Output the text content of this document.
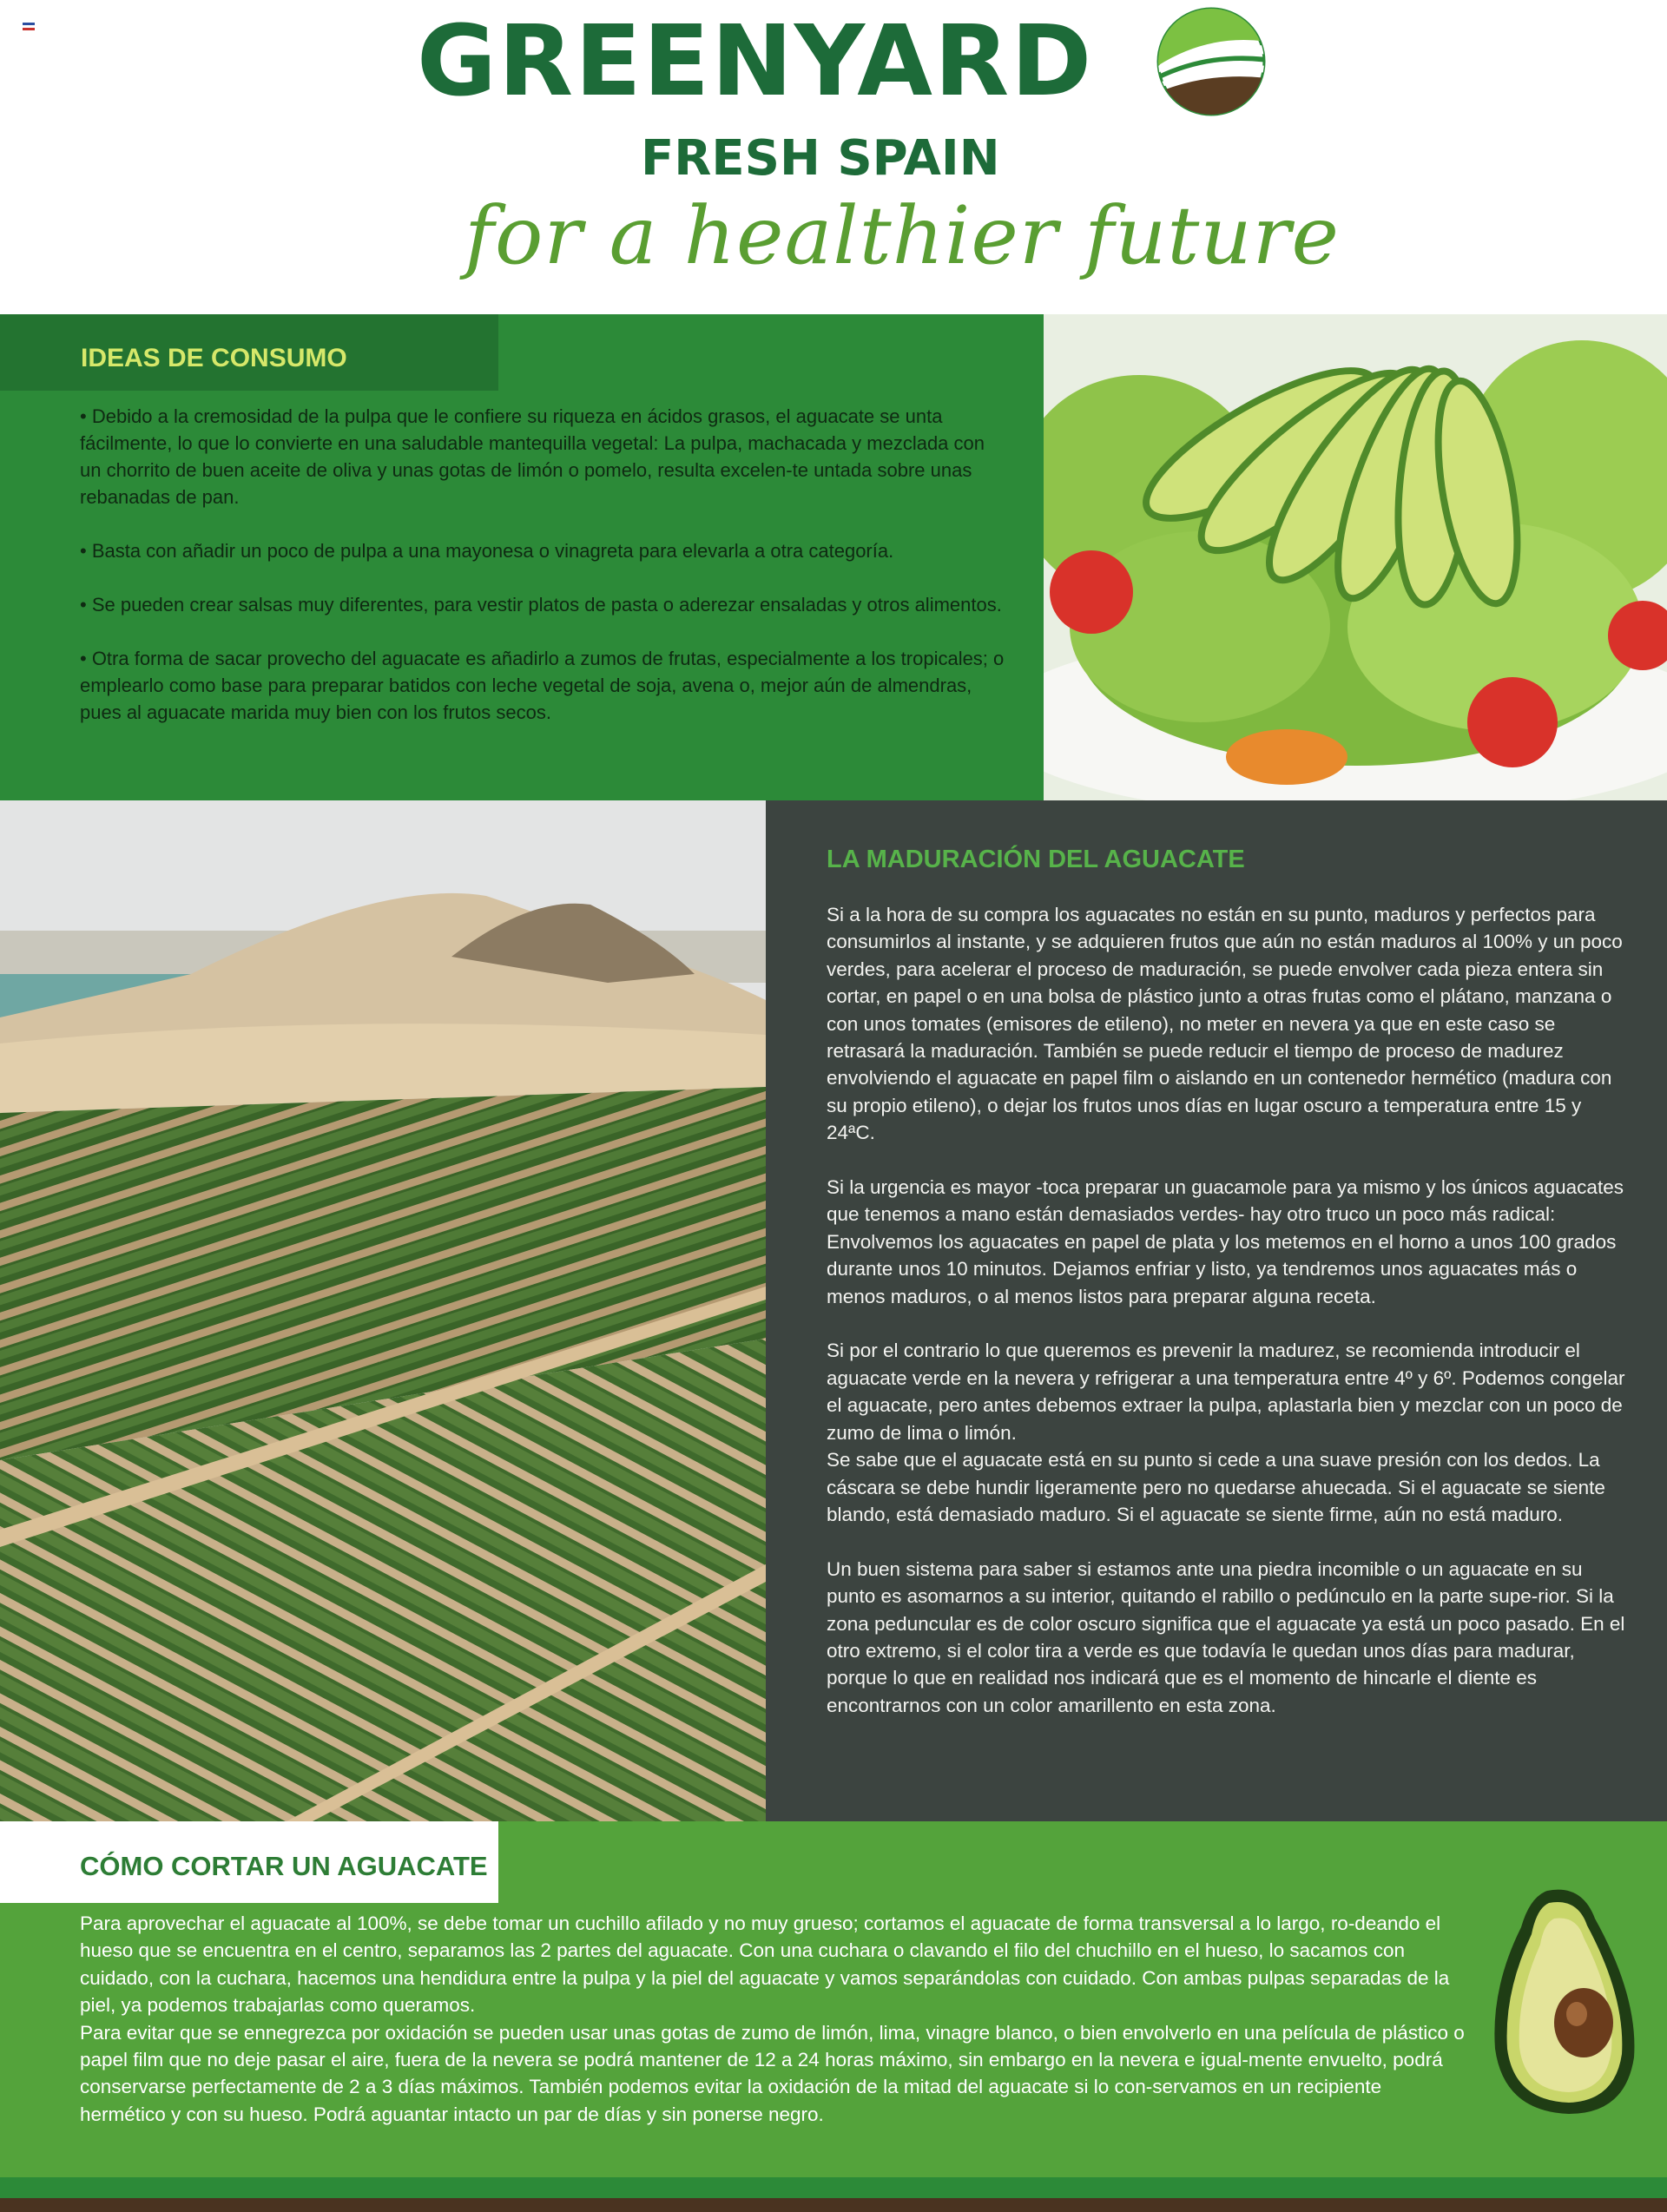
GREENYARD
FRESH SPAIN
for a healthier future
IDEAS DE CONSUMO

• Debido a la cremosidad de la pulpa que le confiere su riqueza en ácidos grasos, el aguacate se unta fácilmente, lo que lo convierte en una saludable mantequilla vegetal: La pulpa, machacada y mezclada con un chorrito de buen aceite de oliva y unas gotas de limón o pomelo, resulta excelen-te untada sobre unas rebanadas de pan.

• Basta con añadir un poco de pulpa a una mayonesa o vinagreta para elevarla a otra categoría.

• Se pueden crear salsas muy diferentes, para vestir platos de pasta o aderezar ensaladas y otros alimentos.

• Otra forma de sacar provecho del aguacate es añadirlo a zumos de frutas, especialmente a los tropicales; o emplearlo como base para preparar batidos con leche vegetal de soja, avena o, mejor aún de almendras, pues al aguacate marida muy bien con los frutos secos.

LA MADURACIÓN DEL AGUACATE

Si a la hora de su compra los aguacates no están en su punto, maduros y perfectos para consumirlos al instante, y se adquieren frutos que aún no están maduros al 100% y un poco verdes, para acelerar el proceso de maduración, se puede envolver cada pieza entera sin cortar, en papel o en una bolsa de plástico junto a otras frutas como el plátano, manzana o con unos tomates (emisores de etileno), no meter en nevera ya que en este caso se retrasará la maduración. También se puede reducir el tiempo de proceso de madurez envolviendo el aguacate en papel film o aislando en un contenedor hermético (madura con su propio etileno), o dejar los frutos unos días en lugar oscuro a temperatura entre 15 y 24ªC.

Si la urgencia es mayor -toca preparar un guacamole para ya mismo y los únicos aguacates que tenemos a mano están demasiados verdes- hay otro truco un poco más radical: Envolvemos los aguacates en papel de plata y los metemos en el horno a unos 100 grados durante unos 10 minutos. Dejamos enfriar y listo, ya tendremos unos aguacates más o menos maduros, o al menos listos para preparar alguna receta.

Si por el contrario lo que queremos es prevenir la madurez, se recomienda introducir el aguacate verde en la nevera y refrigerar a una temperatura entre 4º y 6º. Podemos congelar el aguacate, pero antes debemos extraer la pulpa, aplastarla bien y mezclar con un poco de zumo de lima o limón.

Se sabe que el aguacate está en su punto si cede a una suave presión con los dedos. La cáscara se debe hundir ligeramente pero no quedarse ahuecada. Si el aguacate se siente blando, está demasiado maduro. Si el aguacate se siente firme, aún no está maduro.

Un buen sistema para saber si estamos ante una piedra incomible o un aguacate en su punto es asomarnos a su interior, quitando el rabillo o pedúnculo en la parte supe-rior. Si la zona peduncular es de color oscuro significa que el aguacate ya está un poco pasado. En el otro extremo, si el color tira a verde es que todavía le quedan unos días para madurar, porque lo que en realidad nos indicará que es el momento de hincarle el diente es encontrarnos con un color amarillento en esta zona.

CÓMO CORTAR UN AGUACATE

Para aprovechar el aguacate al 100%, se debe tomar un cuchillo afilado y no muy grueso; cortamos el aguacate de forma transversal a lo largo, ro-deando el hueso que se encuentra en el centro, separamos las 2 partes del aguacate. Con una cuchara o clavando el filo del chuchillo en el hueso, lo sacamos con cuidado, con la cuchara, hacemos una hendidura entre la pulpa y la piel del aguacate y vamos separándolas con cuidado. Con ambas pulpas separadas de la piel, ya podemos trabajarlas como queramos.

Para evitar que se ennegrezca por oxidación se pueden usar unas gotas de zumo de limón, lima, vinagre blanco, o bien envolverlo en una película de plástico o papel film que no deje pasar el aire, fuera de la nevera se podrá mantener de 12 a 24 horas máximo, sin embargo en la nevera e igual-mente envuelto, podrá conservarse perfectamente de 2 a 3 días máximos. También podemos evitar la oxidación de la mitad del aguacate si lo con-servamos en un recipiente hermético y con su hueso. Podrá aguantar intacto un par de días y sin ponerse negro.
